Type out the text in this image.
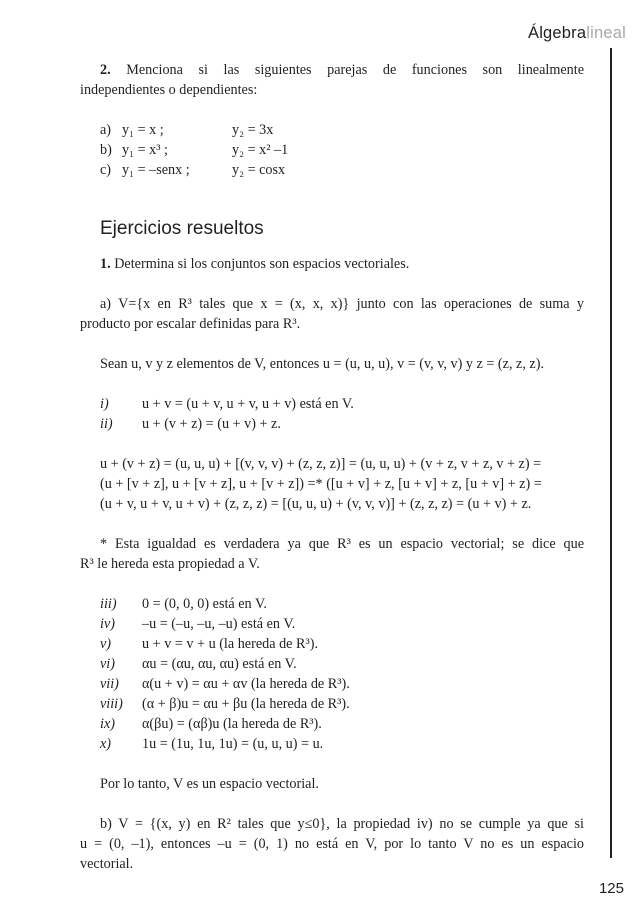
Álgebralineal
2. Menciona si las siguientes parejas de funciones son linealmente
independientes o dependientes:
a) y₁ = x ;	y₂ = 3x
b) y₁ = x³ ;	y₂ = x² –1
c) y₁ = –senx ;	y₂ = cosx
Ejercicios resueltos
1. Determina si los conjuntos son espacios vectoriales.
a) V={x en R³ tales que x = (x, x, x)} junto con las operaciones de suma y
producto por escalar definidas para R³.
Sean u, v y z elementos de V, entonces u = (u, u, u), v = (v, v, v) y z = (z, z, z).
i)	u + v = (u + v, u + v, u + v) está en V.
ii)	u + (v + z) = (u + v) + z.
u + (v + z) = (u, u, u) + [(v, v, v) + (z, z, z)] = (u, u, u) + (v + z, v + z, v + z) =
(u + [v + z], u + [v + z], u + [v + z]) =* ([u + v] + z, [u + v] + z, [u + v] + z) =
(u + v, u + v, u + v) + (z, z, z) = [(u, u, u) + (v, v, v)] + (z, z, z) = (u + v) + z.
* Esta igualdad es verdadera ya que R³ es un espacio vectorial; se dice que
R³ le hereda esta propiedad a V.
iii)	0 = (0, 0, 0) está en V.
iv)	–u = (–u, –u, –u) está en V.
v)	u + v = v + u (la hereda de R³).
vi)	αu = (αu, αu, αu) está en V.
vii)	α(u + v) = αu + αv (la hereda de R³).
viii)	(α + β)u = αu + βu (la hereda de R³).
ix)	α(βu) = (αβ)u (la hereda de R³).
x)	1u = (1u, 1u, 1u) = (u, u, u) = u.
Por lo tanto, V es un espacio vectorial.
b) V = {(x, y) en R² tales que y≤0}, la propiedad iv) no se cumple ya que si
u = (0, –1), entonces –u = (0, 1) no está en V, por lo tanto V no es un espacio
vectorial.
125
